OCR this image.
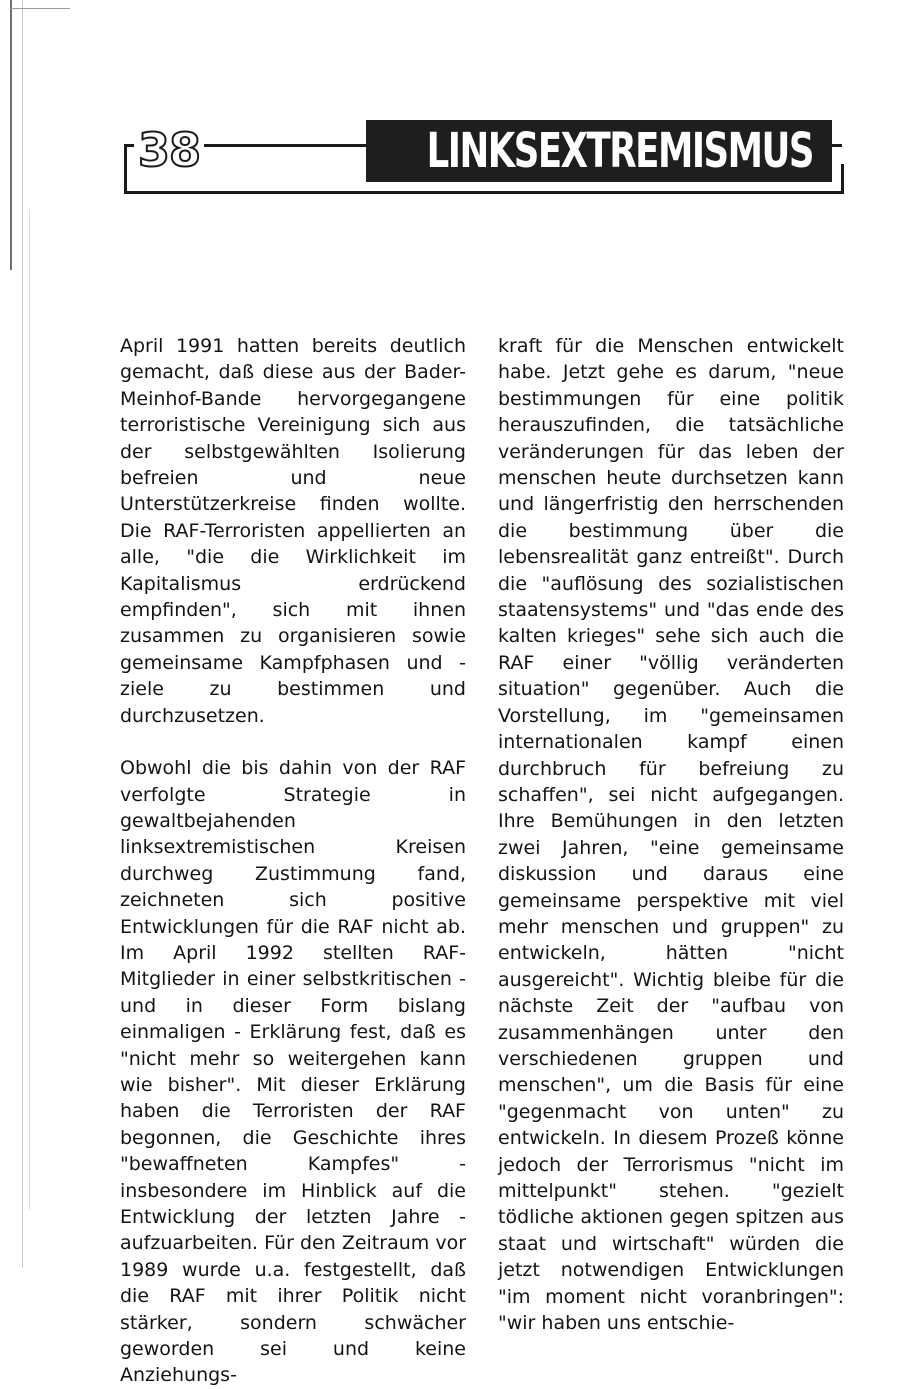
38	LINKSEXTREMISMUS

April 1991 hatten bereits deutlich gemacht, daß diese aus der Bader-Meinhof-Bande hervorgegangene terroristische Vereinigung sich aus der selbstgewählten Isolierung befreien und neue Unterstützerkreise finden wollte. Die RAF-Terroristen appellierten an alle, "die die Wirklichkeit im Kapitalismus erdrückend empfinden", sich mit ihnen zusammen zu organisieren sowie gemeinsame Kampfphasen und -ziele zu bestimmen und durchzusetzen.

Obwohl die bis dahin von der RAF verfolgte Strategie in gewaltbejahenden linksextremistischen Kreisen durchweg Zustimmung fand, zeichneten sich positive Entwicklungen für die RAF nicht ab. Im April 1992 stellten RAF-Mitglieder in einer selbstkritischen - und in dieser Form bislang einmaligen - Erklärung fest, daß es "nicht mehr so weitergehen kann wie bisher". Mit dieser Erklärung haben die Terroristen der RAF begonnen, die Geschichte ihres "bewaffneten Kampfes" - insbesondere im Hinblick auf die Entwicklung der letzten Jahre - aufzuarbeiten. Für den Zeitraum vor 1989 wurde u.a. festgestellt, daß die RAF mit ihrer Politik nicht stärker, sondern schwächer geworden sei und keine Anziehungs-

kraft für die Menschen entwickelt habe. Jetzt gehe es darum, "neue bestimmungen für eine politik herauszufinden, die tatsächliche veränderungen für das leben der menschen heute durchsetzen kann und längerfristig den herrschenden die bestimmung über die lebensrealität ganz entreißt". Durch die "auflösung des sozialistischen staatensystems" und "das ende des kalten krieges" sehe sich auch die RAF einer "völlig veränderten situation" gegenüber. Auch die Vorstellung, im "gemeinsamen internationalen kampf einen durchbruch für befreiung zu schaffen", sei nicht aufgegangen. Ihre Bemühungen in den letzten zwei Jahren, "eine gemeinsame diskussion und daraus eine gemeinsame perspektive mit viel mehr menschen und gruppen" zu entwickeln, hätten "nicht ausgereicht". Wichtig bleibe für die nächste Zeit der "aufbau von zusammenhängen unter den verschiedenen gruppen und menschen", um die Basis für eine "gegenmacht von unten" zu entwickeln. In diesem Prozeß könne jedoch der Terrorismus "nicht im mittelpunkt" stehen. "gezielt tödliche aktionen gegen spitzen aus staat und wirtschaft" würden die jetzt notwendigen Entwicklungen "im moment nicht voranbringen": "wir haben uns entschie-
